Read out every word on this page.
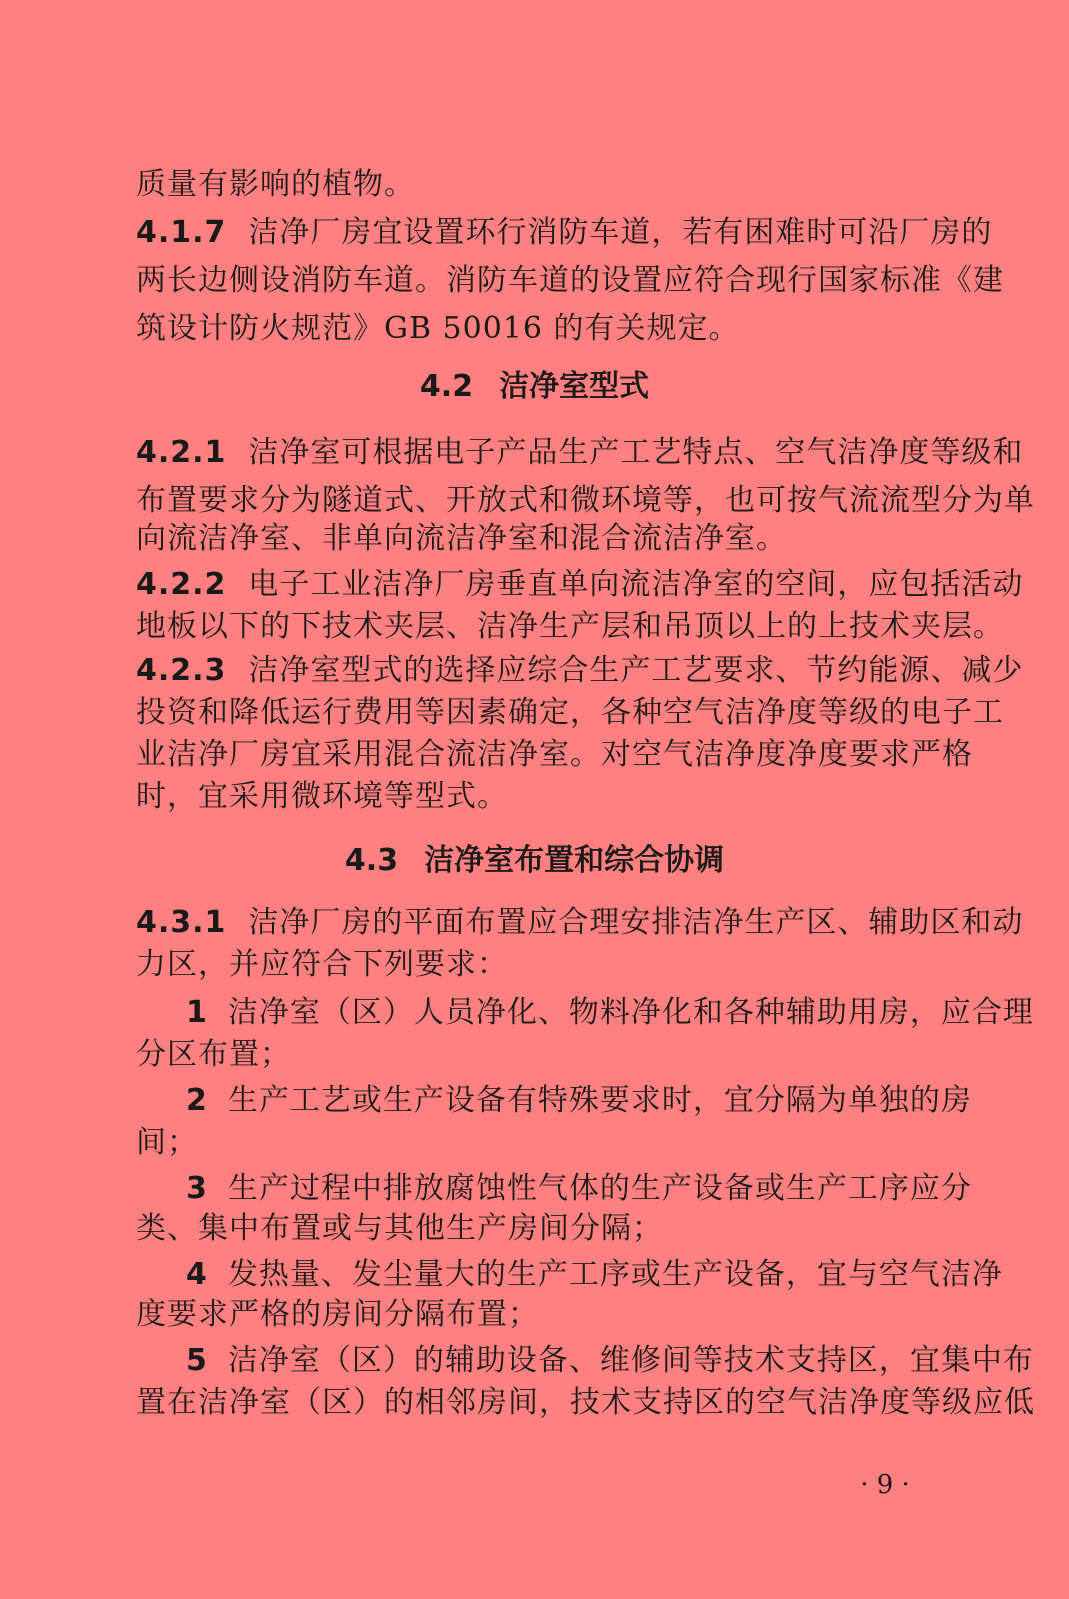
质量有影响的植物。
4.1.7 洁净厂房宜设置环行消防车道，若有困难时可沿厂房的
两长边侧设消防车道。消防车道的设置应符合现行国家标准《建
筑设计防火规范》GB 50016 的有关规定。
4.2 洁净室型式
4.2.1 洁净室可根据电子产品生产工艺特点、空气洁净度等级和
布置要求分为隧道式、开放式和微环境等，也可按气流流型分为单
向流洁净室、非单向流洁净室和混合流洁净室。
4.2.2 电子工业洁净厂房垂直单向流洁净室的空间，应包括活动
地板以下的下技术夹层、洁净生产层和吊顶以上的上技术夹层。
4.2.3 洁净室型式的选择应综合生产工艺要求、节约能源、减少
投资和降低运行费用等因素确定，各种空气洁净度等级的电子工
业洁净厂房宜采用混合流洁净室。对空气洁净度净度要求严格
时，宜采用微环境等型式。
4.3 洁净室布置和综合协调
4.3.1 洁净厂房的平面布置应合理安排洁净生产区、辅助区和动
力区，并应符合下列要求：
1 洁净室（区）人员净化、物料净化和各种辅助用房，应合理
分区布置；
2 生产工艺或生产设备有特殊要求时，宜分隔为单独的房
间；
3 生产过程中排放腐蚀性气体的生产设备或生产工序应分
类、集中布置或与其他生产房间分隔；
4 发热量、发尘量大的生产工序或生产设备，宜与空气洁净
度要求严格的房间分隔布置；
5 洁净室（区）的辅助设备、维修间等技术支持区，宜集中布
置在洁净室（区）的相邻房间，技术支持区的空气洁净度等级应低
· 9 ·
